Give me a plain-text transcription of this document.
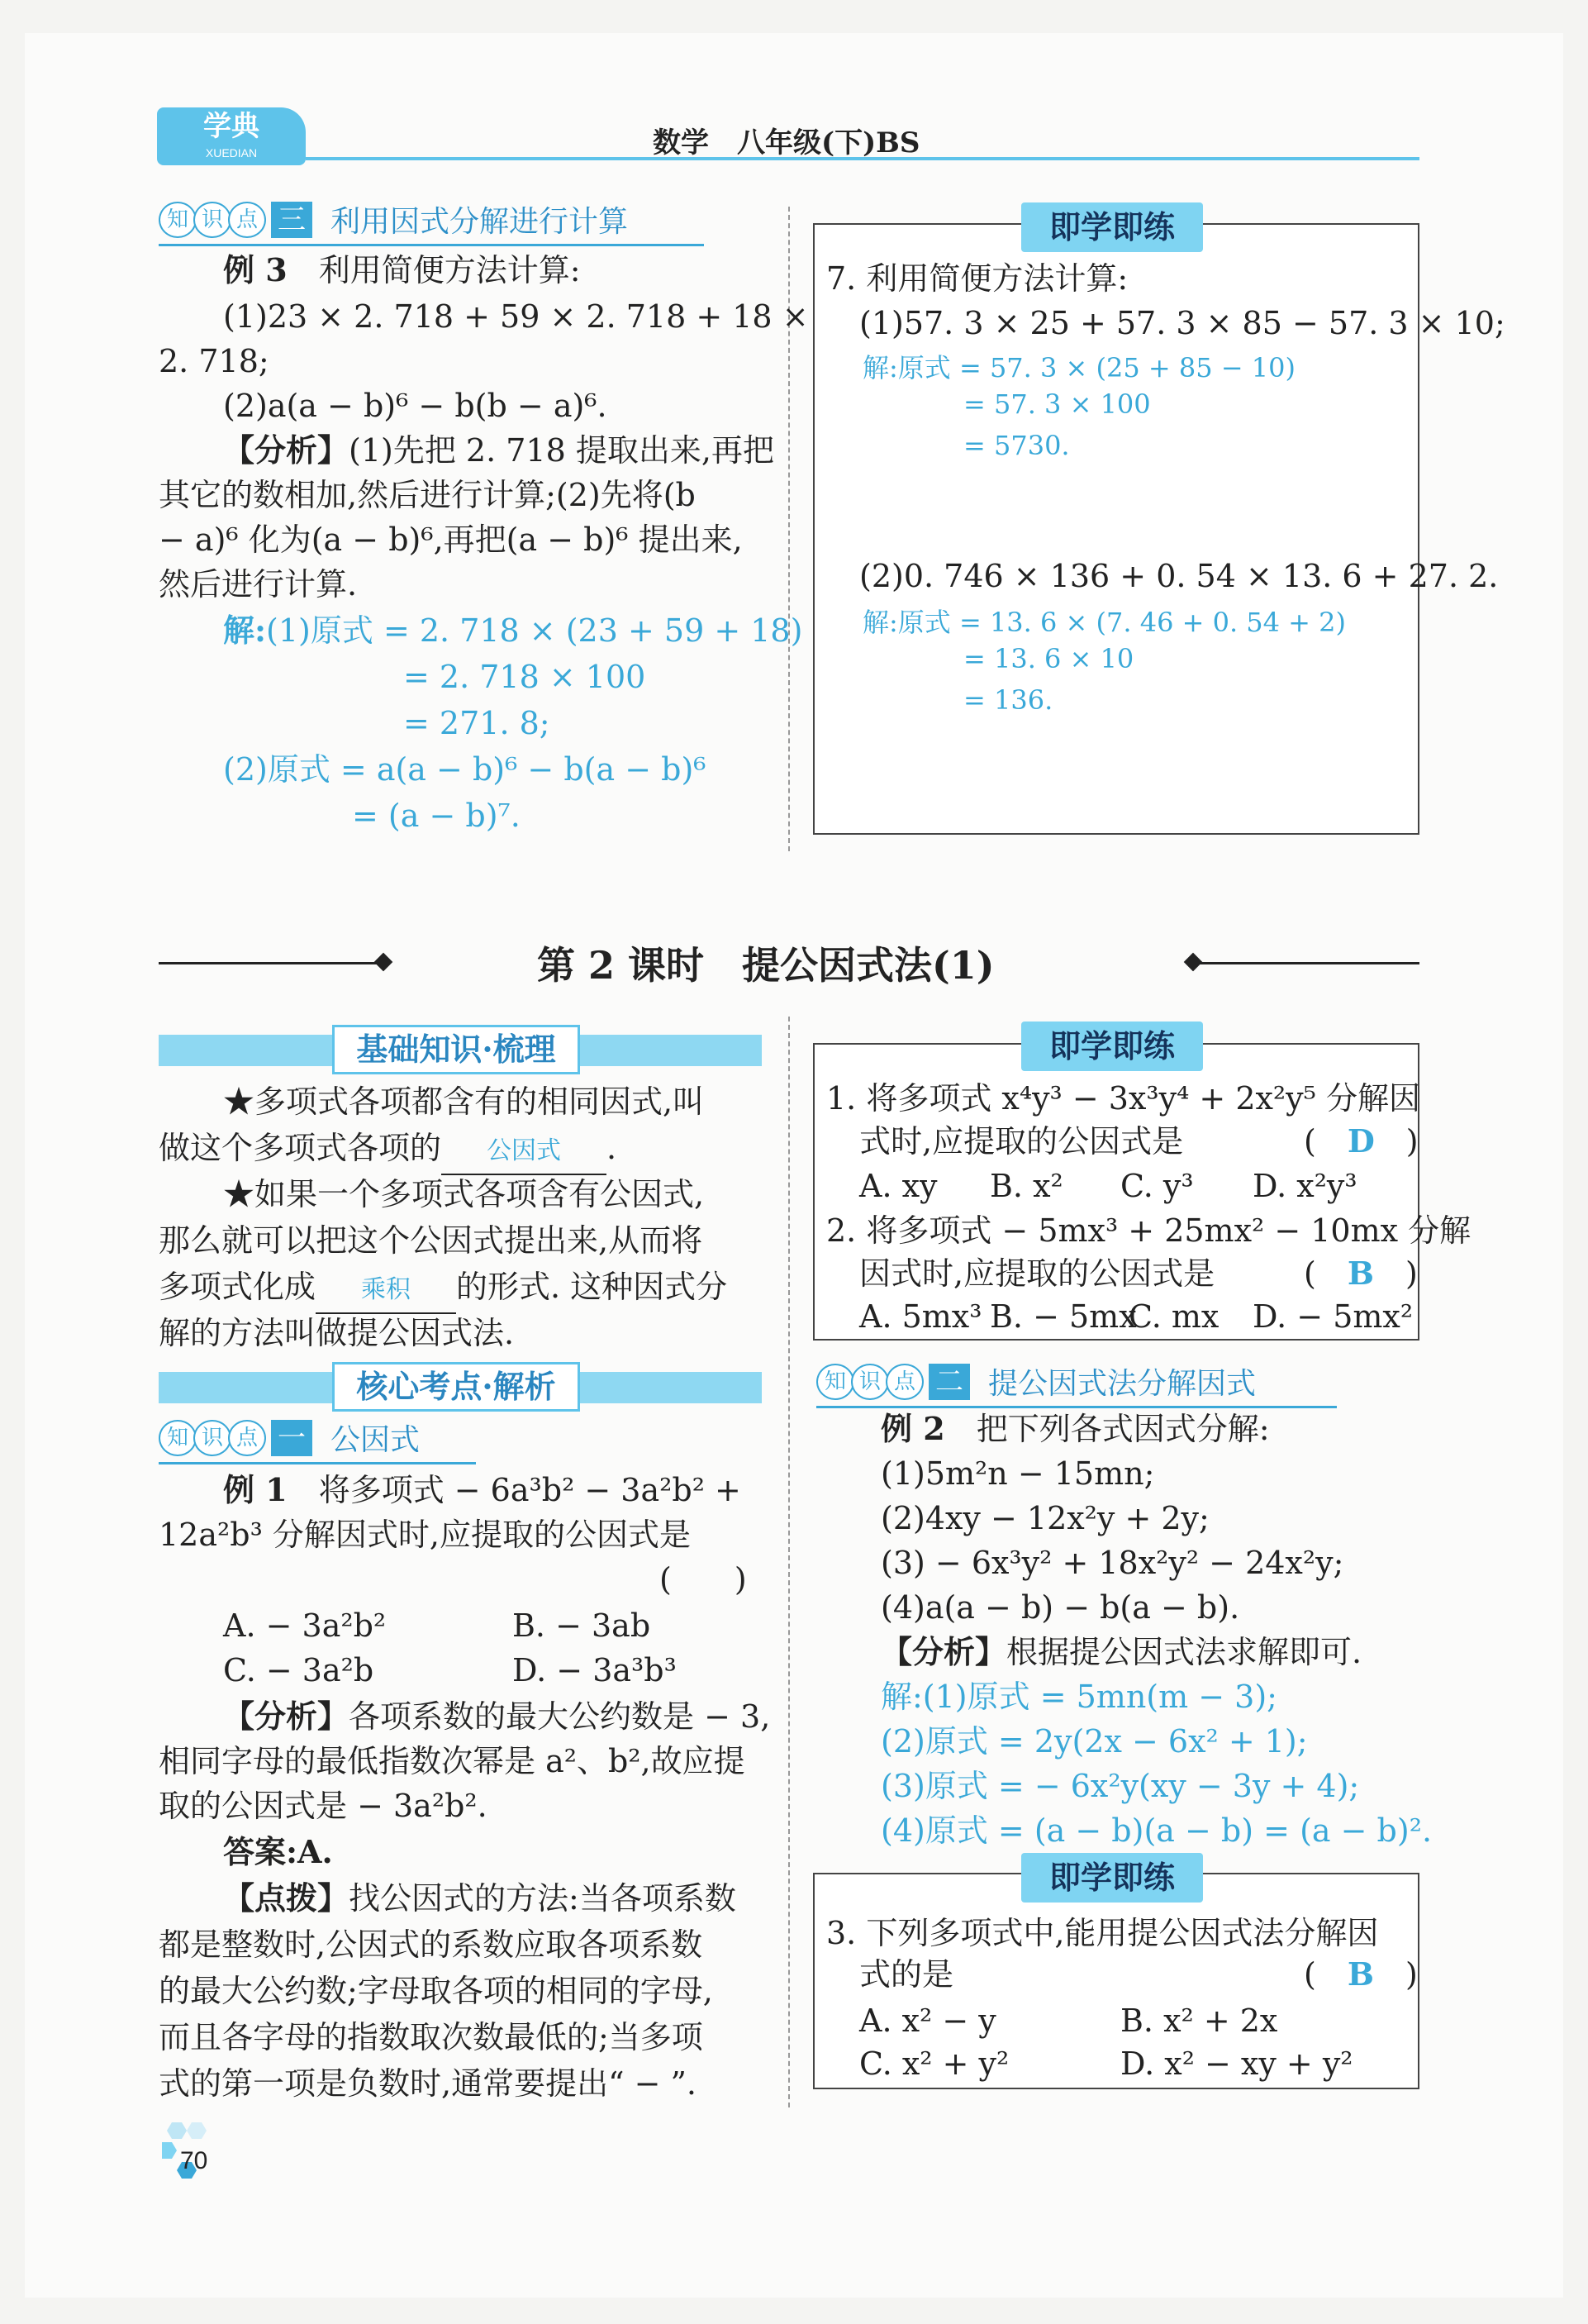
学典
XUEDIAN	数学　八年级(下)BS
知 识 点 三 利用因式分解进行计算
例 3　 利用简便方法计算:
(1)23 × 2. 718 + 59 × 2. 718 + 18 ×
2. 718;
(2)a(a − b)⁶ − b(b − a)⁶.
【分析】(1)先把 2. 718 提取出来,再把
其它的数相加,然后进行计算;(2)先将(b
− a)⁶ 化为(a − b)⁶,再把(a − b)⁶ 提出来,
然后进行计算.
解:(1)原式 = 2. 718 × (23 + 59 + 18)
= 2. 718 × 100
= 271. 8;
(2)原式 = a(a − b)⁶ − b(a − b)⁶
= (a − b)⁷.
即学即练
7. 利用简便方法计算:
(1)57. 3 × 25 + 57. 3 × 85 − 57. 3 × 10;
解:原式 = 57. 3 × (25 + 85 − 10)
= 57. 3 × 100
= 5730.
(2)0. 746 × 136 + 0. 54 × 13. 6 + 27. 2.
解:原式 = 13. 6 × (7. 46 + 0. 54 + 2)
= 13. 6 × 10
= 136.
第 2 课时　提公因式法(1)
基础知识·梳理
★多项式各项都含有的相同因式,叫
做这个多项式各项的 公因式 .
★如果一个多项式各项含有公因式,
那么就可以把这个公因式提出来,从而将
多项式化成 乘积 的形式. 这种因式分
解的方法叫做提公因式法.
核心考点·解析
知 识 点 一 公因式
例 1　 将多项式 − 6a³b² − 3a²b² +
12a²b³ 分解因式时,应提取的公因式是
(　　)
A. − 3a²b²	B. − 3ab
C. − 3a²b	D. − 3a³b³
【分析】各项系数的最大公约数是 − 3,
相同字母的最低指数次幂是 a²、b²,故应提
取的公因式是 − 3a²b².
答案:A.
【点拨】找公因式的方法:当各项系数
都是整数时,公因式的系数应取各项系数
的最大公约数;字母取各项的相同的字母,
而且各字母的指数取次数最低的;当多项
式的第一项是负数时,通常要提出“ − ”.
即学即练
1. 将多项式 x⁴y³ − 3x³y⁴ + 2x²y⁵ 分解因
式时,应提取的公因式是	(　D　)
A. xy B. x² C. y³ D. x²y³
2. 将多项式 − 5mx³ + 25mx² − 10mx 分解
因式时,应提取的公因式是	(　B　)
A. 5mx³ B. − 5mx
C. mx D. − 5mx²
知 识 点 二 提公因式法分解因式
例 2　 把下列各式因式分解:
(1)5m²n − 15mn;
(2)4xy − 12x²y + 2y;
(3) − 6x³y² + 18x²y² − 24x²y;
(4)a(a − b) − b(a − b).
【分析】根据提公因式法求解即可.
解:(1)原式 = 5mn(m − 3);
(2)原式 = 2y(2x − 6x² + 1);
(3)原式 = − 6x²y(xy − 3y + 4);
(4)原式 = (a − b)(a − b) = (a − b)².
即学即练
3. 下列多项式中,能用提公因式法分解因
式的是	(　B　)
A. x² − y	B. x² + 2x
C. x² + y²	D. x² − xy + y²
70
